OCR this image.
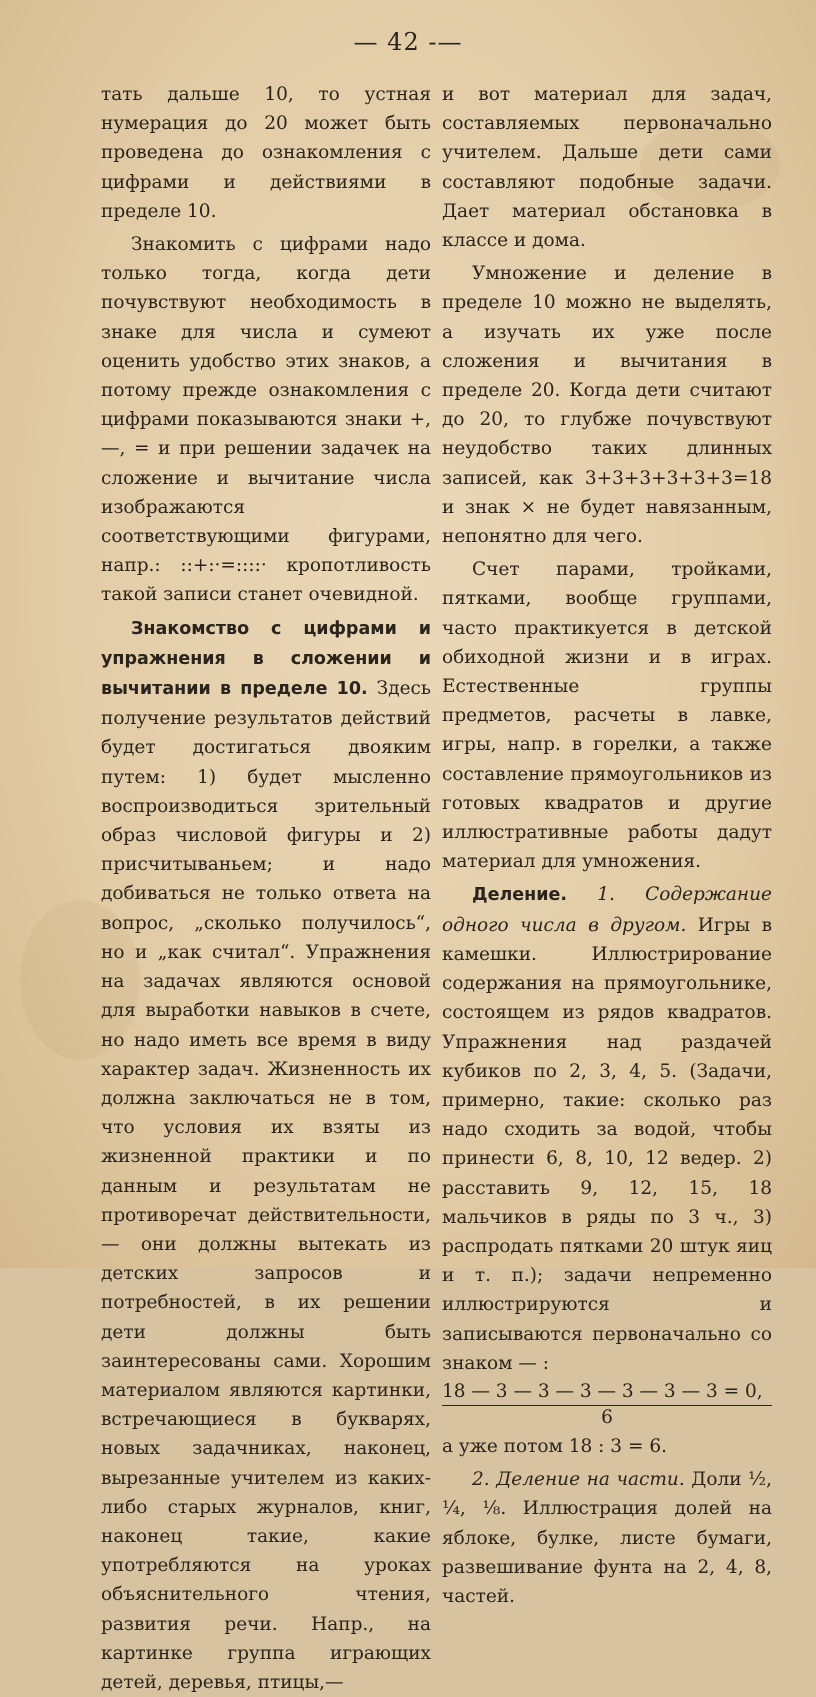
— 42 -—

тать дальше 10, то устная нумерация до 20 может быть проведена до ознакомления с цифрами и действиями в пределе 10.

Знакомить с цифрами надо только тогда, когда дети почувствуют необходимость в знаке для числа и сумеют оценить удобство этих знаков, а потому прежде ознакомления с цифрами показываются знаки +, —, = и при решении задачек на сложение и вычитание числа изображаются соответствующими фигурами, напр.: ::+:·=::::· кропотливость такой записи станет очевидной.

Знакомство с цифрами и упражнения в сложении и вычитании в пределе 10. Здесь получение результатов действий будет достигаться двояким путем: 1) будет мысленно воспроизводиться зрительный образ числовой фигуры и 2) присчитываньем; и надо добиваться не только ответа на вопрос, „сколько получилось“, но и „как считал“. Упражнения на задачах являются основой для выработки навыков в счете, но надо иметь все время в виду характер задач. Жизненность их должна заключаться не в том, что условия их взяты из жизненной практики и по данным и результатам не противоречат действительности, — они должны вытекать из детских запросов и потребностей, в их решении дети должны быть заинтересованы сами. Хорошим материалом являются картинки, встречающиеся в букварях, новых задачниках, наконец, вырезанные учителем из каких-либо старых журналов, книг, наконец такие, какие употребляются на уроках объяснительного чтения, развития речи. Напр., на картинке группа играющих детей, деревья, птицы,—

и вот материал для задач, составляемых первоначально учителем. Дальше дети сами составляют подобные задачи. Дает материал обстановка в классе и дома.

Умножение и деление в пределе 10 можно не выделять, а изучать их уже после сложения и вычитания в пределе 20. Когда дети считают до 20, то глубже почувствуют неудобство таких длинных записей, как 3+3+3+3+3+3=18 и знак × не будет навязанным, непонятно для чего.

Счет парами, тройками, пятками, вообще группами, часто практикуется в детской обиходной жизни и в играх. Естественные группы предметов, расчеты в лавке, игры, напр. в горелки, а также составление прямоугольников из готовых квадратов и другие иллюстративные работы дадут материал для умножения.

Деление. 1. Содержание одного числа в другом. Игры в камешки. Иллюстрирование содержания на прямоугольнике, состоящем из рядов квадратов. Упражнения над раздачей кубиков по 2, 3, 4, 5. (Задачи, примерно, такие: сколько раз надо сходить за водой, чтобы принести 6, 8, 10, 12 ведер. 2) расставить 9, 12, 15, 18 мальчиков в ряды по 3 ч., 3) распродать пятками 20 штук яиц и т. п.); задачи непременно иллюстрируются и записываются первоначально со знаком — :

18 — 3 — 3 — 3 — 3 — 3 — 3 = 0,
6

а уже потом 18 : 3 = 6.

2. Деление на части. Доли ½, ¼, ⅛. Иллюстрация долей на яблоке, булке, листе бумаги, развешивание фунта на 2, 4, 8, частей.
